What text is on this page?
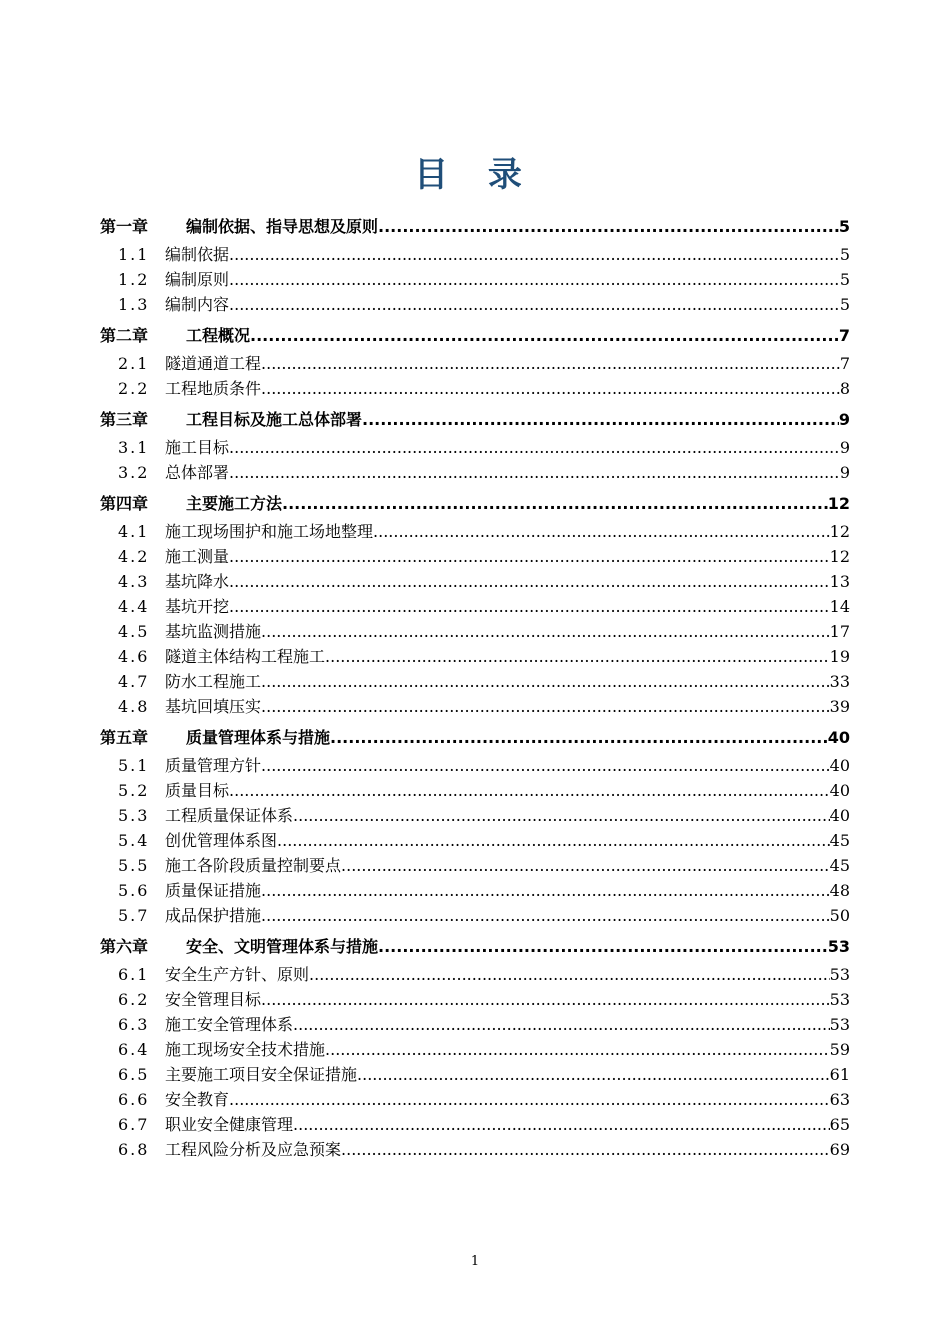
目 录
第一章	编制依据、指导思想及原则 .....	5
1.1 编制依据 .....	5
1.2 编制原则 .....	5
1.3 编制内容 .....	5
第二章	工程概况 .....	7
2.1 隧道通道工程 .....	7
2.2 工程地质条件 .....	8
第三章	工程目标及施工总体部署 .....	9
3.1 施工目标 .....	9
3.2 总体部署 .....	9
第四章	主要施工方法 .....	12
4.1 施工现场围护和施工场地整理 .....	12
4.2 施工测量 .....	12
4.3 基坑降水 .....	13
4.4 基坑开挖 .....	14
4.5 基坑监测措施 .....	17
4.6 隧道主体结构工程施工 .....	19
4.7 防水工程施工 .....	33
4.8 基坑回填压实 .....	39
第五章	质量管理体系与措施 .....	40
5.1 质量管理方针 .....	40
5.2 质量目标 .....	40
5.3 工程质量保证体系 .....	40
5.4 创优管理体系图 .....	45
5.5 施工各阶段质量控制要点 .....	45
5.6 质量保证措施 .....	48
5.7 成品保护措施 .....	50
第六章	安全、文明管理体系与措施 .....	53
6.1 安全生产方针、原则 .....	53
6.2 安全管理目标 .....	53
6.3 施工安全管理体系 .....	53
6.4 施工现场安全技术措施 .....	59
6.5 主要施工项目安全保证措施 .....	61
6.6 安全教育 .....	63
6.7 职业安全健康管理 .....	65
6.8 工程风险分析及应急预案 .....	69
1
